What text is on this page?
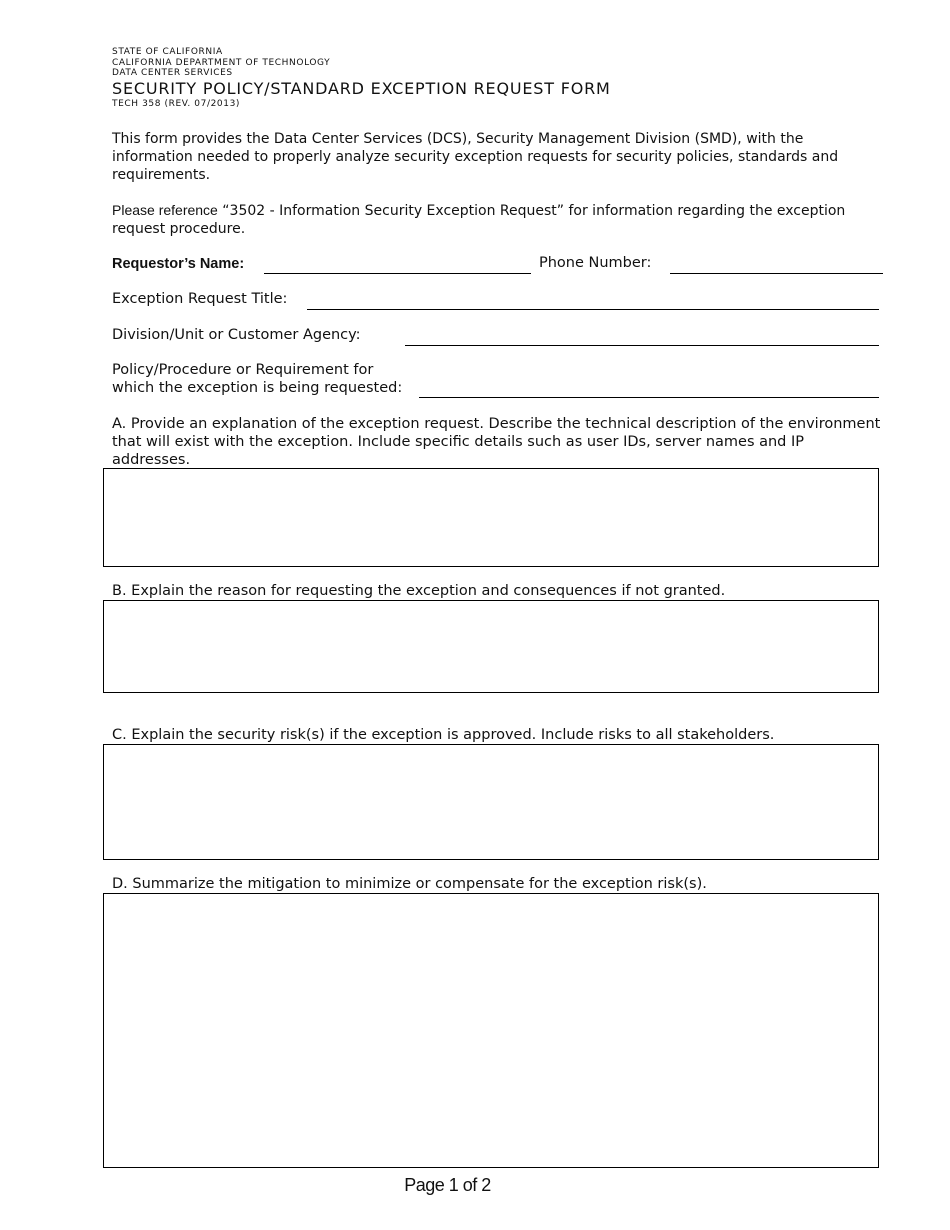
STATE OF CALIFORNIA
CALIFORNIA DEPARTMENT OF TECHNOLOGY
DATA CENTER SERVICES
SECURITY POLICY/STANDARD EXCEPTION REQUEST FORM
TECH 358 (REV. 07/2013)
This form provides the Data Center Services (DCS), Security Management Division (SMD), with the information needed to properly analyze security exception requests for security policies, standards and requirements.
Please reference “3502 - Information Security Exception Request” for information regarding the exception request procedure.
Requestor’s Name:	Phone Number:
Exception Request Title:
Division/Unit or Customer Agency:
Policy/Procedure or Requirement for
which the exception is being requested:
A. Provide an explanation of the exception request. Describe the technical description of the environment that will exist with the exception. Include specific details such as user IDs, server names and IP addresses.
B. Explain the reason for requesting the exception and consequences if not granted.
C. Explain the security risk(s) if the exception is approved. Include risks to all stakeholders.
D. Summarize the mitigation to minimize or compensate for the exception risk(s).
Page 1 of 2
